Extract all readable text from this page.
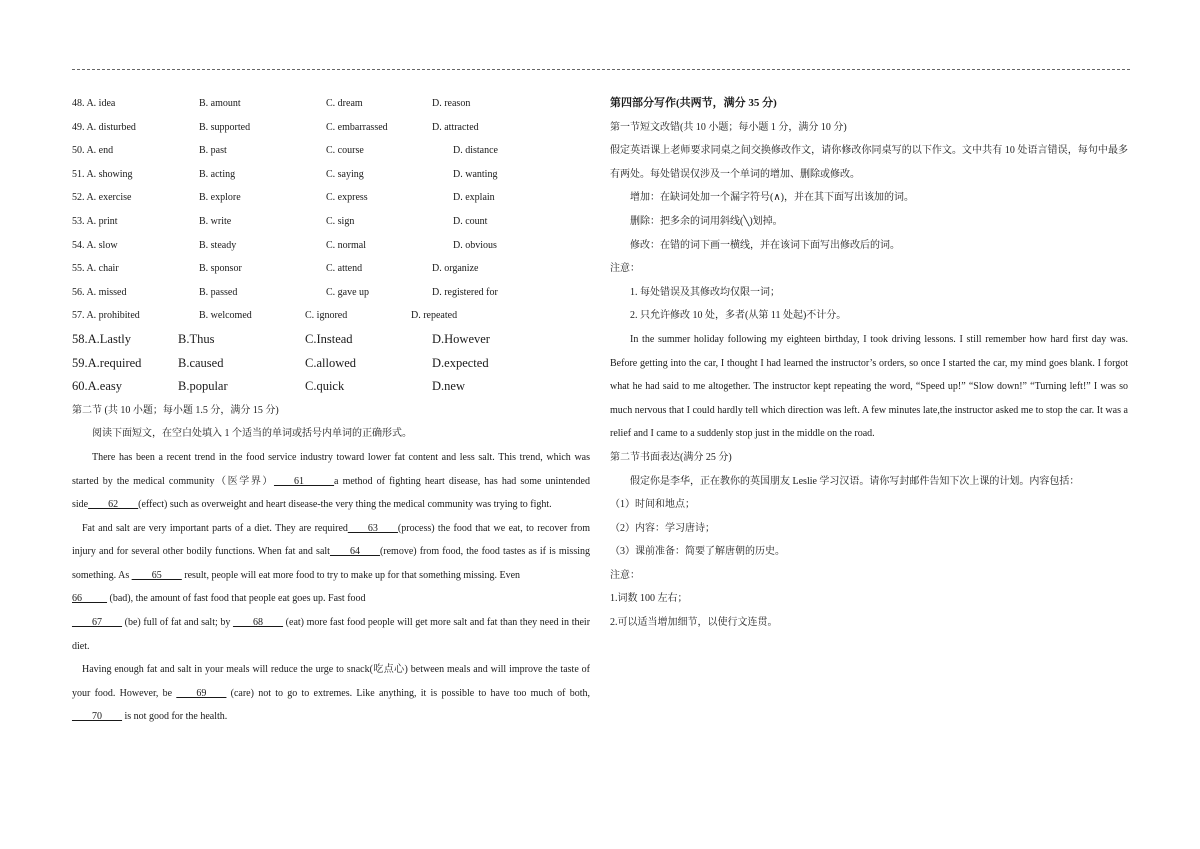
48. A. idea	B. amount	C. dream	D. reason
49. A. disturbed	B. supported	C. embarrassed	D. attracted
50. A. end	B. past	C. course	D. distance
51. A. showing	B. acting	C. saying	D. wanting
52. A. exercise	B. explore	C. express	D. explain
53. A. print	B. write	C. sign	D. count
54. A. slow	B. steady	C. normal	D. obvious
55. A. chair	B. sponsor	C. attend	D. organize
56. A. missed	B. passed	C. gave up	D. registered for
57. A. prohibited	B. welcomed	C. ignored	D. repeated
58.A.Lastly	B.Thus	C.Instead	D.However
59.A.required	B.caused	C.allowed	D.expected
60.A.easy	B.popular	C.quick	D.new

第二节 (共 10 小题；每小题 1.5 分，满分 15 分)

阅读下面短文，在空白处填入 1 个适当的单词或括号内单词的正确形式。

There has been a recent trend in the food service industry toward lower fat content and less salt. This trend, which was started by the medical community（医学界）____61______a method of fighting heart disease, has had some unintended side____62____(effect) such as overweight and heart disease-the very thing the medical community was trying to fight.

Fat and salt are very important parts of a diet. They are required____63____(process) the food that we eat, to recover from injury and for several other bodily functions. When fat and salt____64____(remove) from food, the food tastes as if is missing something. As ____65____ result, people will eat more food to try to make up for that something missing. Even
66_____ (bad), the amount of fast food that people eat goes up. Fast food
____67____ (be) full of fat and salt; by ____68____ (eat) more fast food people will get more salt and fat than they need in their diet.

Having enough fat and salt in your meals will reduce the urge to snack(吃点心) between meals and will improve the taste of your food. However, be ____69____ (care) not to go to extremes. Like anything, it is possible to have too much of both, ____70____ is not good for the health.

第四部分写作(共两节，满分 35 分)

第一节短文改错(共 10 小题；每小题 1 分，满分 10 分)

假定英语课上老师要求同桌之间交换修改作文，请你修改你同桌写的以下作文。文中共有 10 处语言错误，每句中最多有两处。每处错误仅涉及一个单词的增加、删除或修改。

增加：在缺词处加一个漏字符号(∧)，并在其下面写出该加的词。

删除：把多余的词用斜线(╲)划掉。

修改：在错的词下画一横线，并在该词下面写出修改后的词。

注意：

1. 每处错误及其修改均仅限一词；

2. 只允许修改 10 处，多者(从第 11 处起)不计分。

In the summer holiday following my eighteen birthday, I took driving lessons. I still remember how hard first day was. Before getting into the car, I thought I had learned the instructor’s orders, so once I started the car, my mind goes blank. I forgot what he had said to me altogether. The instructor kept repeating the word, “Speed up!” “Slow down!” “Turning left!” I was so much nervous that I could hardly tell which direction was left. A few minutes late,the instructor asked me to stop the car. It was a relief and I came to a suddenly stop just in the middle on the road.

第二节书面表达(满分 25 分)

假定你是李华，正在教你的英国朋友 Leslie 学习汉语。请你写封邮件告知下次上课的计划。内容包括：

（1）时间和地点；

（2）内容：学习唐诗；

（3）课前准备：简要了解唐朝的历史。

注意：

1.词数 100 左右；

2.可以适当增加细节，以使行文连贯。
